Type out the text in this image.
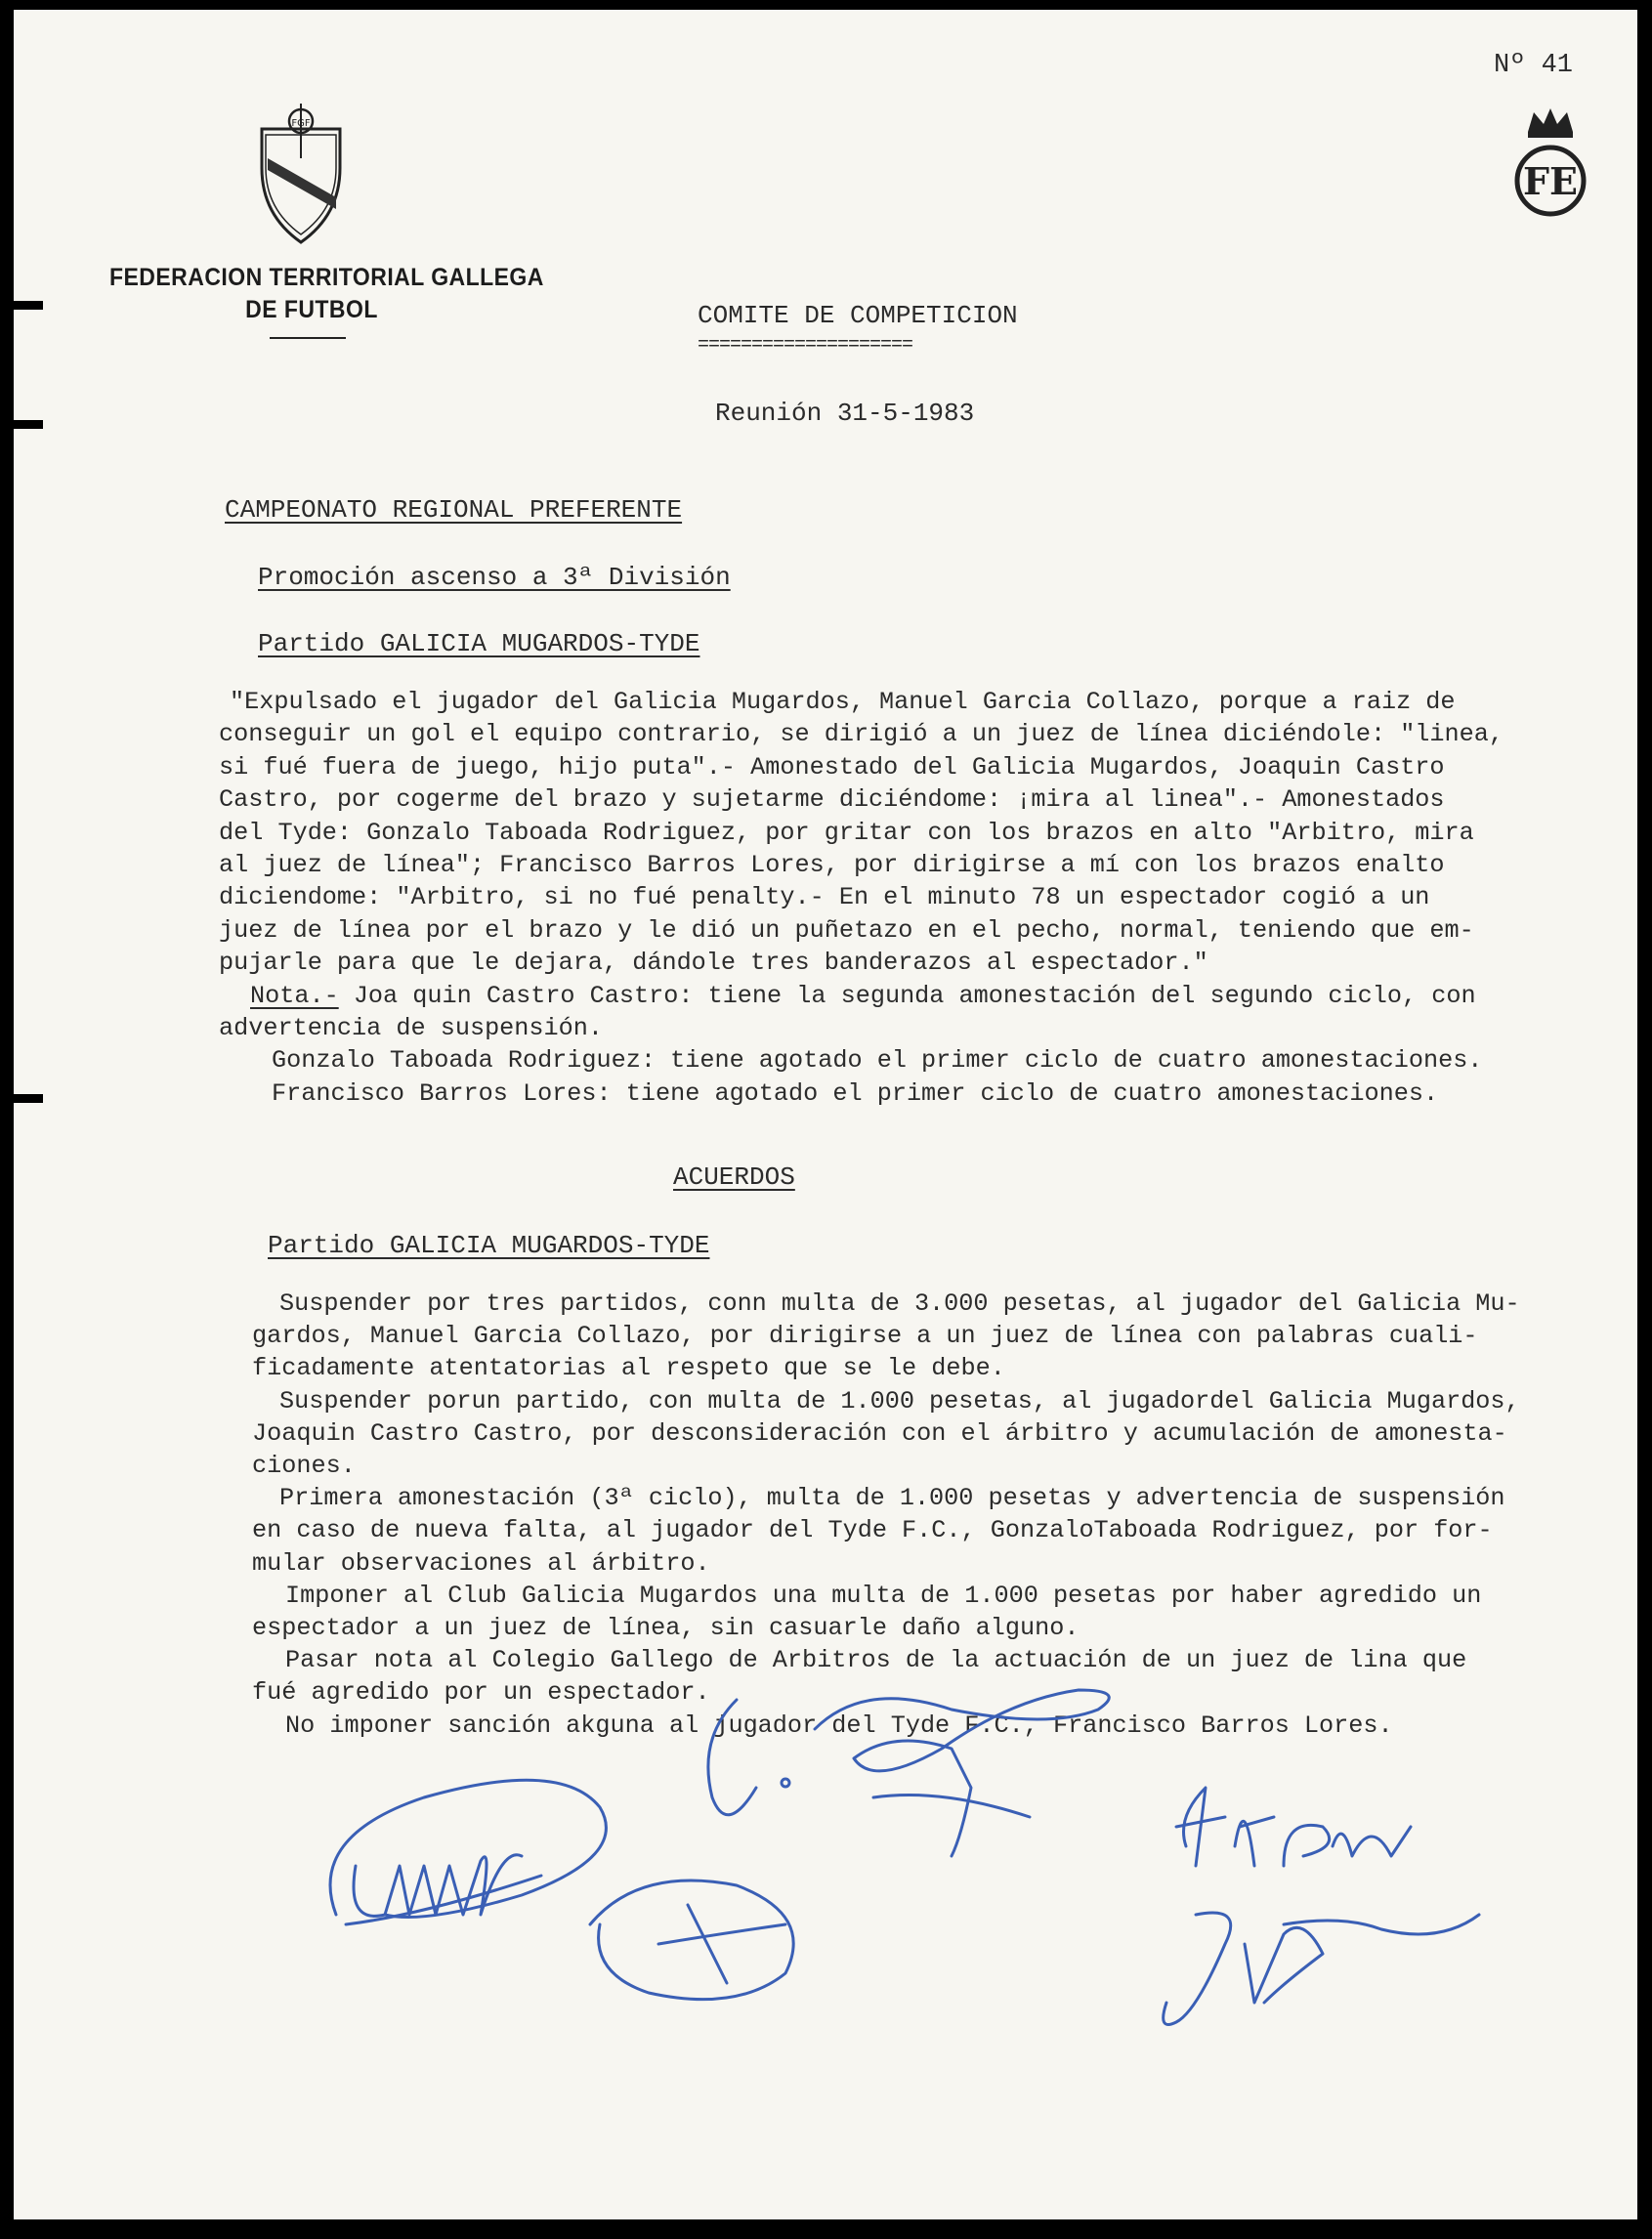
Nº 41
FGF
FEDERACION TERRITORIAL GALLEGA
DE FUTBOL
FE
COMITE DE COMPETICION
====================
Reunión 31-5-1983
CAMPEONATO REGIONAL PREFERENTE
Promoción ascenso a 3ª División
Partido GALICIA MUGARDOS-TYDE
"Expulsado el jugador del Galicia Mugardos, Manuel Garcia Collazo, porque a raiz de
conseguir un gol el equipo contrario, se dirigió a un juez de línea diciéndole: "linea,
si fué fuera de juego, hijo puta".- Amonestado del Galicia Mugardos, Joaquin Castro
Castro, por cogerme del brazo y sujetarme diciéndome: ¡mira al linea".- Amonestados
del Tyde: Gonzalo Taboada Rodriguez, por gritar con los brazos en alto "Arbitro, mira
al juez de línea"; Francisco Barros Lores, por dirigirse a mí con los brazos enalto
diciendome: "Arbitro, si no fué penalty.- En el minuto 78 un espectador cogió a un
juez de línea por el brazo y le dió un puñetazo en el pecho, normal, teniendo que em-
pujarle para que le dejara, dándole tres banderazos al espectador."
Nota.- Joa quin Castro Castro: tiene la segunda amonestación del segundo ciclo, con
advertencia de suspensión.
Gonzalo Taboada Rodriguez: tiene agotado el primer ciclo de cuatro amonestaciones.
Francisco Barros Lores: tiene agotado el primer ciclo de cuatro amonestaciones.
ACUERDOS
Partido GALICIA MUGARDOS-TYDE
Suspender por tres partidos, conn multa de 3.000 pesetas, al jugador del Galicia Mu-
gardos, Manuel Garcia Collazo, por dirigirse a un juez de línea con palabras cuali-
ficadamente atentatorias al respeto que se le debe.
Suspender porun partido, con multa de 1.000 pesetas, al jugadordel Galicia Mugardos,
Joaquin Castro Castro, por desconsideración con el árbitro y acumulación de amonesta-
ciones.
Primera amonestación (3ª ciclo), multa de 1.000 pesetas y advertencia de suspensión
en caso de nueva falta, al jugador del Tyde F.C., GonzaloTaboada Rodriguez, por for-
mular observaciones al árbitro.
Imponer al Club Galicia Mugardos una multa de 1.000 pesetas por haber agredido un
espectador a un juez de línea, sin casuarle daño alguno.
Pasar nota al Colegio Gallego de Arbitros de la actuación de un juez de lina que
fué agredido por un espectador.
No imponer sanción akguna al jugador del Tyde F.C., Francisco Barros Lores.
